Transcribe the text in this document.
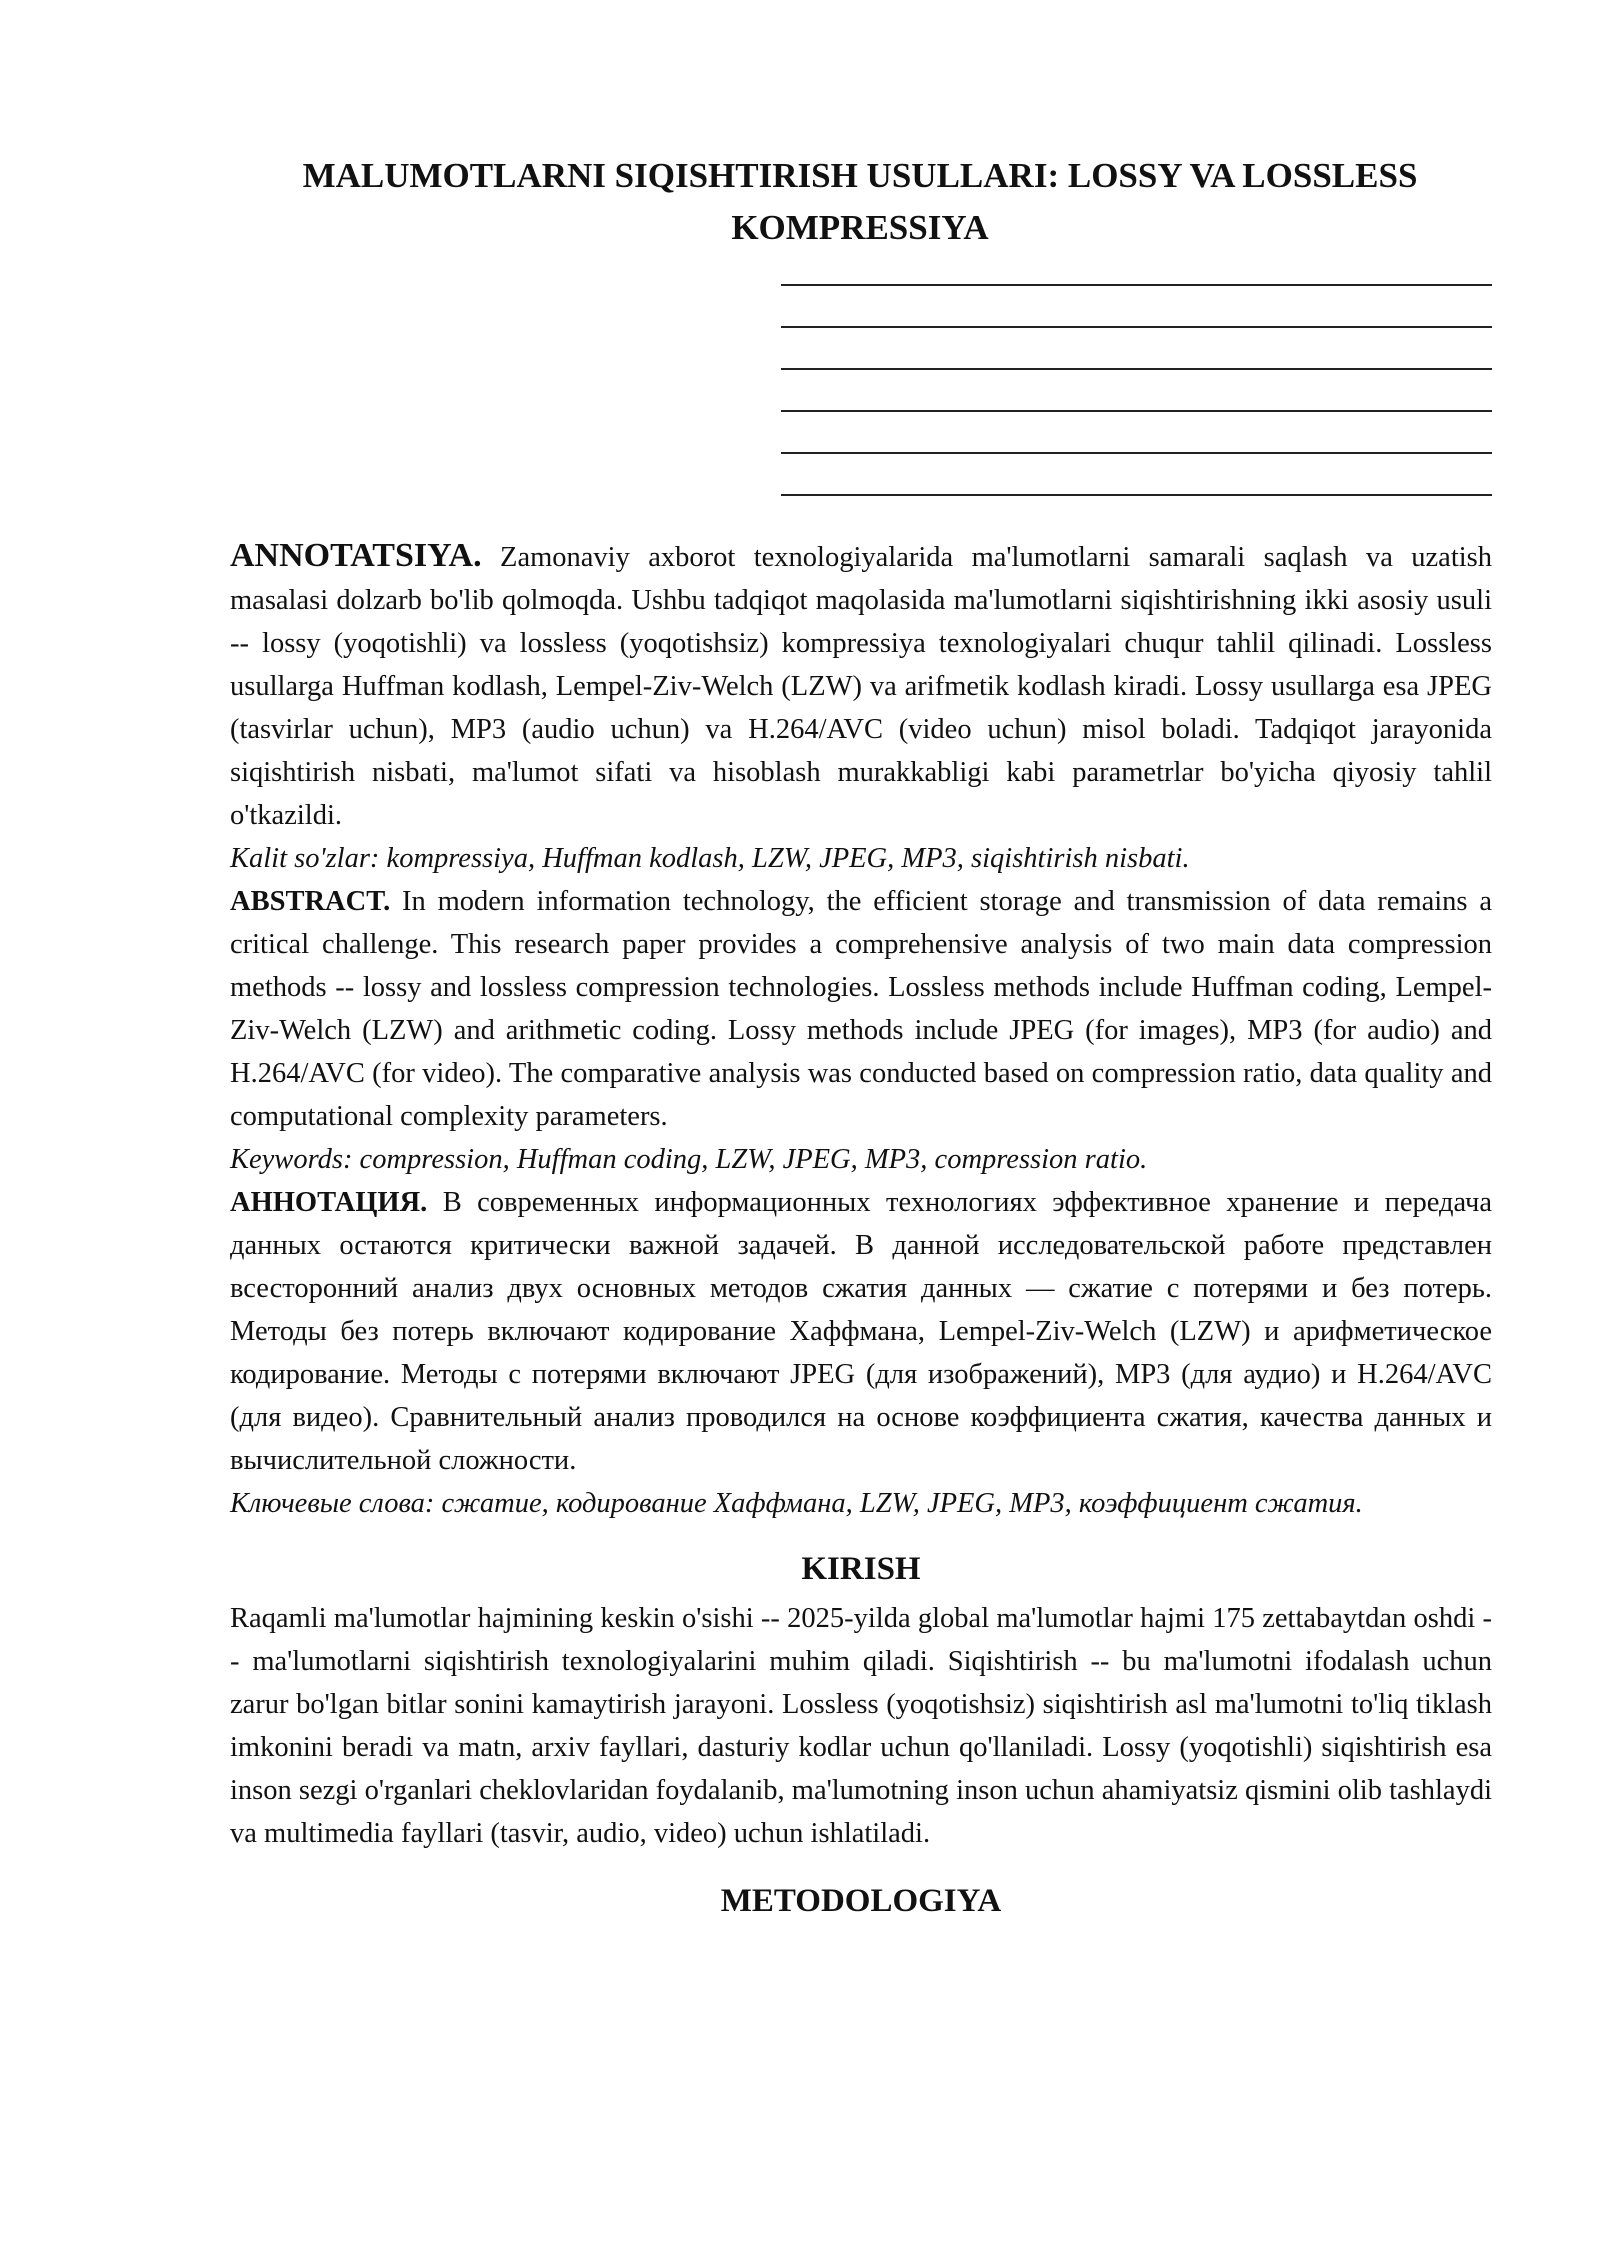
MALUMOTLARNI SIQISHTIRISH USULLARI: LOSSY VA LOSSLESS KOMPRESSIYA

ANNOTATSIYA. Zamonaviy axborot texnologiyalarida ma'lumotlarni samarali saqlash va uzatish masalasi dolzarb bo'lib qolmoqda. Ushbu tadqiqot maqolasida ma'lumotlarni siqishtirishning ikki asosiy usuli -- lossy (yoqotishli) va lossless (yoqotishsiz) kompressiya texnologiyalari chuqur tahlil qilinadi. Lossless usullarga Huffman kodlash, Lempel-Ziv-Welch (LZW) va arifmetik kodlash kiradi. Lossy usullarga esa JPEG (tasvirlar uchun), MP3 (audio uchun) va H.264/AVC (video uchun) misol boladi. Tadqiqot jarayonida siqishtirish nisbati, ma'lumot sifati va hisoblash murakkabligi kabi parametrlar bo'yicha qiyosiy tahlil o'tkazildi.

Kalit so'zlar: kompressiya, Huffman kodlash, LZW, JPEG, MP3, siqishtirish nisbati.

ABSTRACT. In modern information technology, the efficient storage and transmission of data remains a critical challenge. This research paper provides a comprehensive analysis of two main data compression methods -- lossy and lossless compression technologies. Lossless methods include Huffman coding, Lempel-Ziv-Welch (LZW) and arithmetic coding. Lossy methods include JPEG (for images), MP3 (for audio) and H.264/AVC (for video). The comparative analysis was conducted based on compression ratio, data quality and computational complexity parameters.

Keywords: compression, Huffman coding, LZW, JPEG, MP3, compression ratio.

АННОТАЦИЯ. В современных информационных технологиях эффективное хранение и передача данных остаются критически важной задачей. В данной исследовательской работе представлен всесторонний анализ двух основных методов сжатия данных — сжатие с потерями и без потерь. Методы без потерь включают кодирование Хаффмана, Lempel-Ziv-Welch (LZW) и арифметическое кодирование. Методы с потерями включают JPEG (для изображений), MP3 (для аудио) и H.264/AVC (для видео). Сравнительный анализ проводился на основе коэффициента сжатия, качества данных и вычислительной сложности.

Ключевые слова: сжатие, кодирование Хаффмана, LZW, JPEG, MP3, коэффициент сжатия.

KIRISH

Raqamli ma'lumotlar hajmining keskin o'sishi -- 2025-yilda global ma'lumotlar hajmi 175 zettabaytdan oshdi -- ma'lumotlarni siqishtirish texnologiyalarini muhim qiladi. Siqishtirish -- bu ma'lumotni ifodalash uchun zarur bo'lgan bitlar sonini kamaytirish jarayoni. Lossless (yoqotishsiz) siqishtirish asl ma'lumotni to'liq tiklash imkonini beradi va matn, arxiv fayllari, dasturiy kodlar uchun qo'llaniladi. Lossy (yoqotishli) siqishtirish esa inson sezgi o'rganlari cheklovlaridan foydalanib, ma'lumotning inson uchun ahamiyatsiz qismini olib tashlaydi va multimedia fayllari (tasvir, audio, video) uchun ishlatiladi.

METODOLOGIYA
